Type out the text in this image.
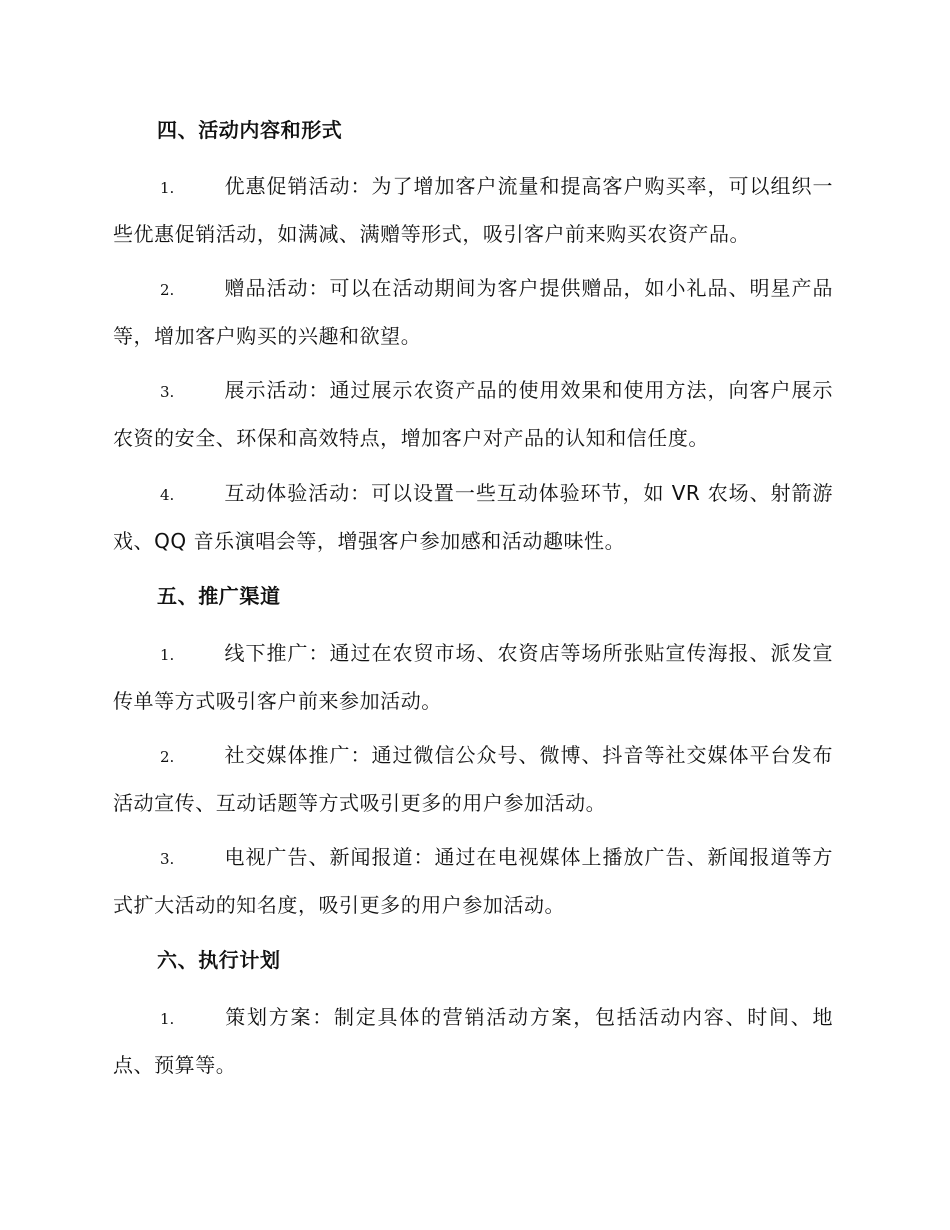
四、活动内容和形式
1. 优惠促销活动：为了增加客户流量和提高客户购买率，可以组织一些优惠促销活动，如满减、满赠等形式，吸引客户前来购买农资产品。
2. 赠品活动：可以在活动期间为客户提供赠品，如小礼品、明星产品等，增加客户购买的兴趣和欲望。
3. 展示活动：通过展示农资产品的使用效果和使用方法，向客户展示农资的安全、环保和高效特点，增加客户对产品的认知和信任度。
4. 互动体验活动：可以设置一些互动体验环节，如 VR 农场、射箭游戏、QQ 音乐演唱会等，增强客户参加感和活动趣味性。
五、推广渠道
1. 线下推广：通过在农贸市场、农资店等场所张贴宣传海报、派发宣传单等方式吸引客户前来参加活动。
2. 社交媒体推广：通过微信公众号、微博、抖音等社交媒体平台发布活动宣传、互动话题等方式吸引更多的用户参加活动。
3. 电视广告、新闻报道：通过在电视媒体上播放广告、新闻报道等方式扩大活动的知名度，吸引更多的用户参加活动。
六、执行计划
1. 策划方案：制定具体的营销活动方案，包括活动内容、时间、地点、预算等。
